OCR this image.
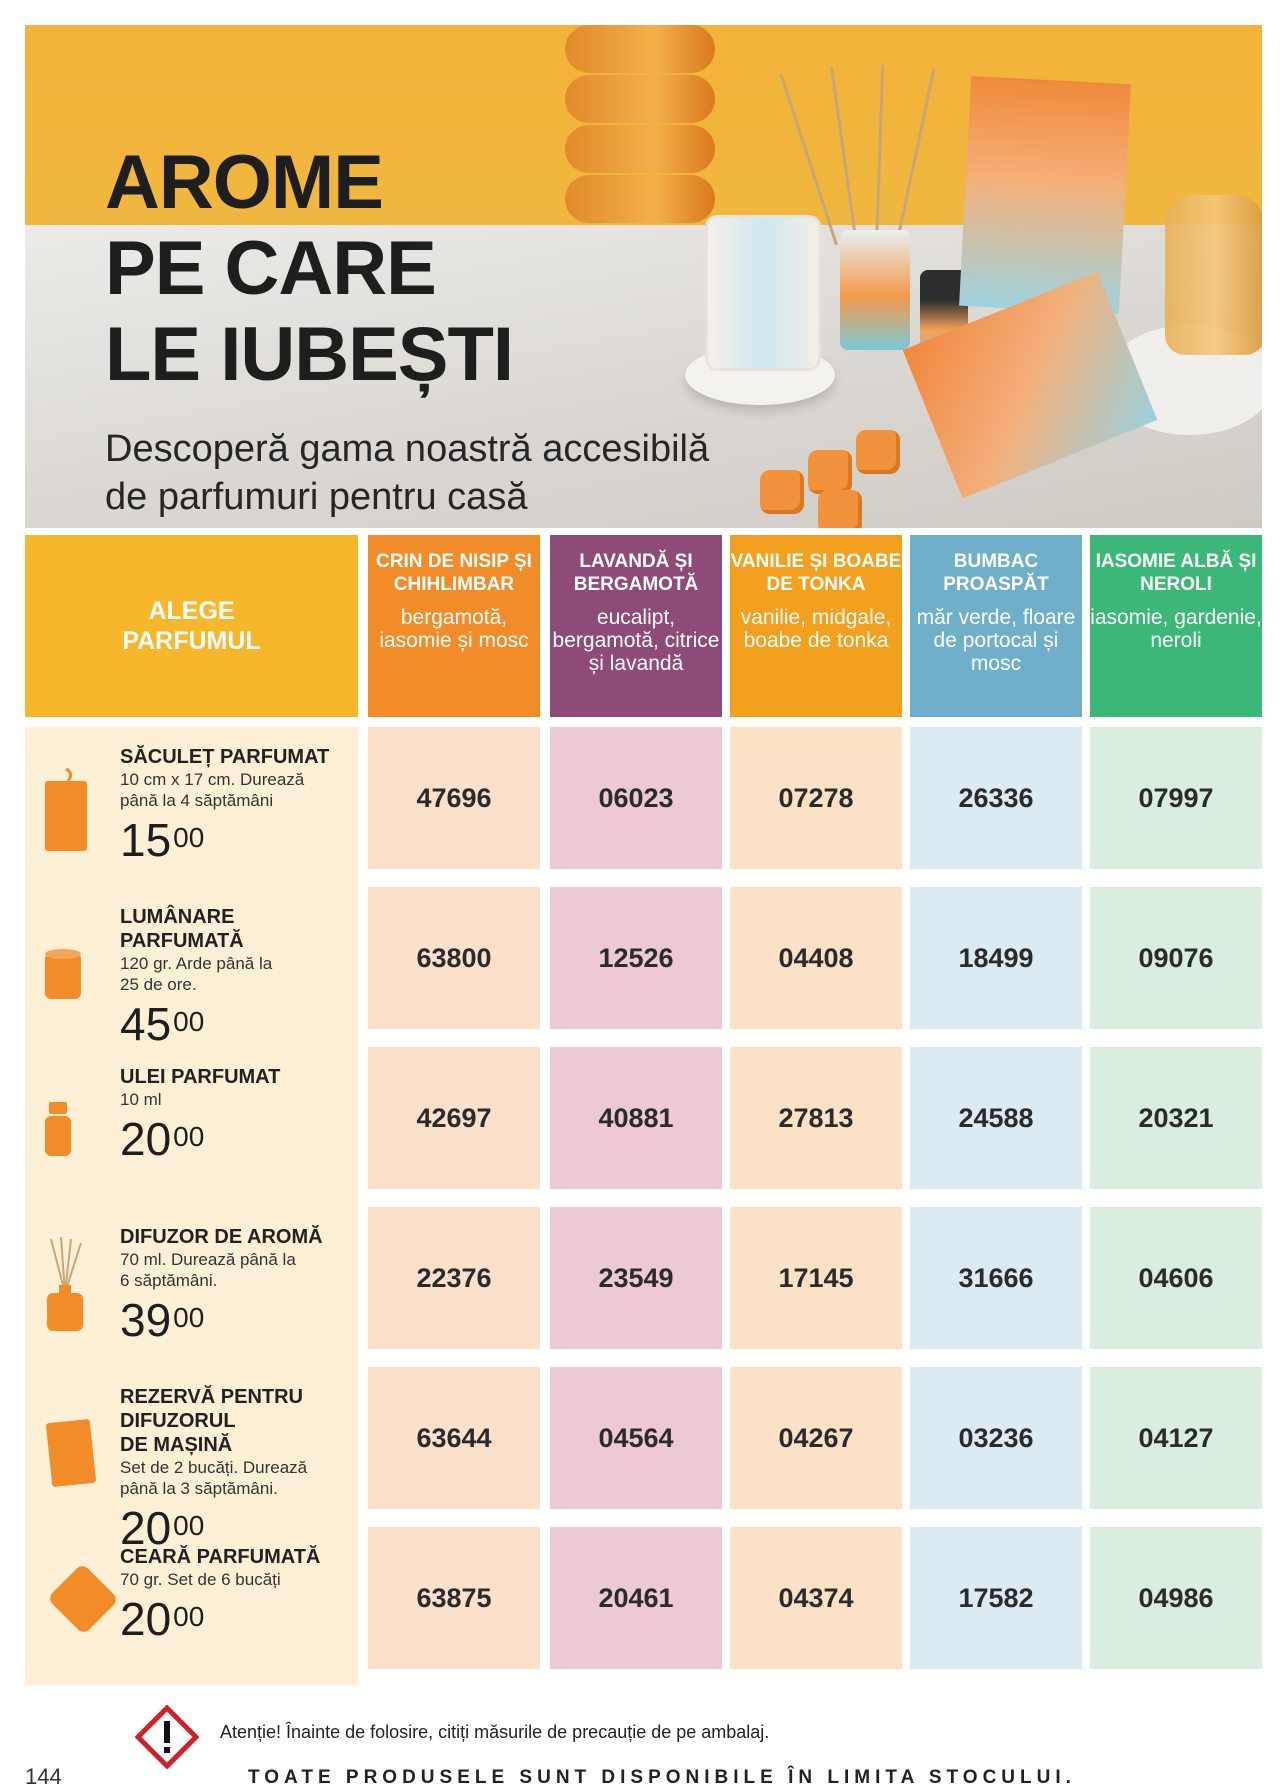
AROME
PE CARE
LE IUBEȘTI
Descoperă gama noastră accesibilă
de parfumuri pentru casă
ALEGE PARFUMUL
CRIN DE NISIP ȘI CHIHLIMBAR
bergamotă, iasomie și mosc
LAVANDĂ ȘI BERGAMOTĂ
eucalipt, bergamotă, citrice și lavandă
VANILIE ȘI BOABE DE TONKA
vanilie, midgale, boabe de tonka
BUMBAC PROASPĂT
măr verde, floare de portocal și mosc
IASOMIE ALBĂ ȘI NEROLI
iasomie, gardenie, neroli
SĂCULEȚ PARFUMAT
10 cm x 17 cm. Durează
până la 4 săptămâni
$15^{00}$
47696	06023	07278	26336	07997
LUMÂNARE
PARFUMATĂ
120 gr. Arde până la
25 de ore.
$45^{00}$
63800	12526	04408	18499	09076
ULEI PARFUMAT
10 ml
$20^{00}$
42697	40881	27813	24588	20321
DIFUZOR DE AROMĂ
70 ml. Durează până la
6 săptămâni.
$39^{00}$
22376	23549	17145	31666	04606
REZERVĂ PENTRU
DIFUZORUL
DE MAȘINĂ
Set de 2 bucăți. Durează
până la 3 săptămâni.
$20^{00}$
63644	04564	04267	03236	04127
CEARĂ PARFUMATĂ
70 gr. Set de 6 bucăți
$20^{00}$
63875	20461	04374	17582	04986
Atenție! Înainte de folosire, citiți măsurile de precauție de pe ambalaj.
144	TOATE PRODUSELE SUNT DISPONIBILE ÎN LIMITA STOCULUI.
